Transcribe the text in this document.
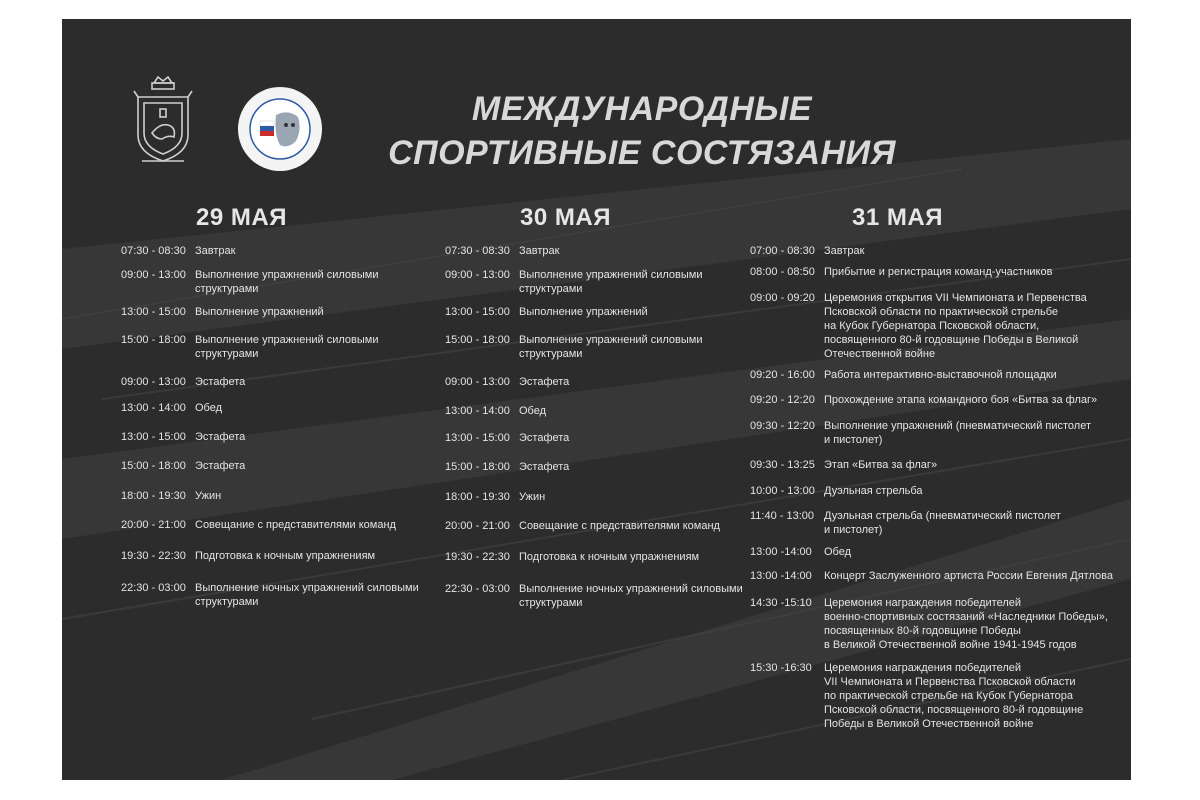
МЕЖДУНАРОДНЫЕ
СПОРТИВНЫЕ СОСТЯЗАНИЯ
29 МАЯ	30 МАЯ	31 МАЯ
07:30 - 08:30 Завтрак
09:00 - 13:00 Выполнение упражнений силовыми
структурами
13:00 - 15:00 Выполнение упражнений
15:00 - 18:00 Выполнение упражнений силовыми
структурами
09:00 - 13:00 Эстафета
13:00 - 14:00 Обед
13:00 - 15:00 Эстафета
15:00 - 18:00 Эстафета
18:00 - 19:30 Ужин
20:00 - 21:00 Совещание с представителями команд
19:30 - 22:30 Подготовка к ночным упражнениям
22:30 - 03:00 Выполнение ночных упражнений силовыми
структурами
07:30 - 08:30 Завтрак
09:00 - 13:00 Выполнение упражнений силовыми
структурами
13:00 - 15:00 Выполнение упражнений
15:00 - 18:00 Выполнение упражнений силовыми
структурами
09:00 - 13:00 Эстафета
13:00 - 14:00 Обед
13:00 - 15:00 Эстафета
15:00 - 18:00 Эстафета
18:00 - 19:30 Ужин
20:00 - 21:00 Совещание с представителями команд
19:30 - 22:30 Подготовка к ночным упражнениям
22:30 - 03:00 Выполнение ночных упражнений силовыми
структурами
07:00 - 08:30 Завтрак
08:00 - 08:50 Прибытие и регистрация команд-участников
09:00 - 09:20 Церемония открытия VII Чемпионата и Первенства
Псковской области по практической стрельбе
на Кубок Губернатора Псковской области,
посвященного 80-й годовщине Победы в Великой
Отечественной войне
09:20 - 16:00 Работа интерактивно-выставочной площадки
09:20 - 12:20 Прохождение этапа командного боя «Битва за флаг»
09:30 - 12:20 Выполнение упражнений (пневматический пистолет
и пистолет)
09:30 - 13:25 Этап «Битва за флаг»
10:00 - 13:00 Дуэльная стрельба
11:40 - 13:00 Дуэльная стрельба (пневматический пистолет
и пистолет)
13:00 -14:00 Обед
13:00 -14:00 Концерт Заслуженного артиста России Евгения Дятлова
14:30 -15:10 Церемония награждения победителей
военно-спортивных состязаний «Наследники Победы»,
посвященных 80-й годовщине Победы
в Великой Отечественной войне 1941-1945 годов
15:30 -16:30 Церемония награждения победителей
VII Чемпионата и Первенства Псковской области
по практической стрельбе на Кубок Губернатора
Псковской области, посвященного 80-й годовщине
Победы в Великой Отечественной войне
